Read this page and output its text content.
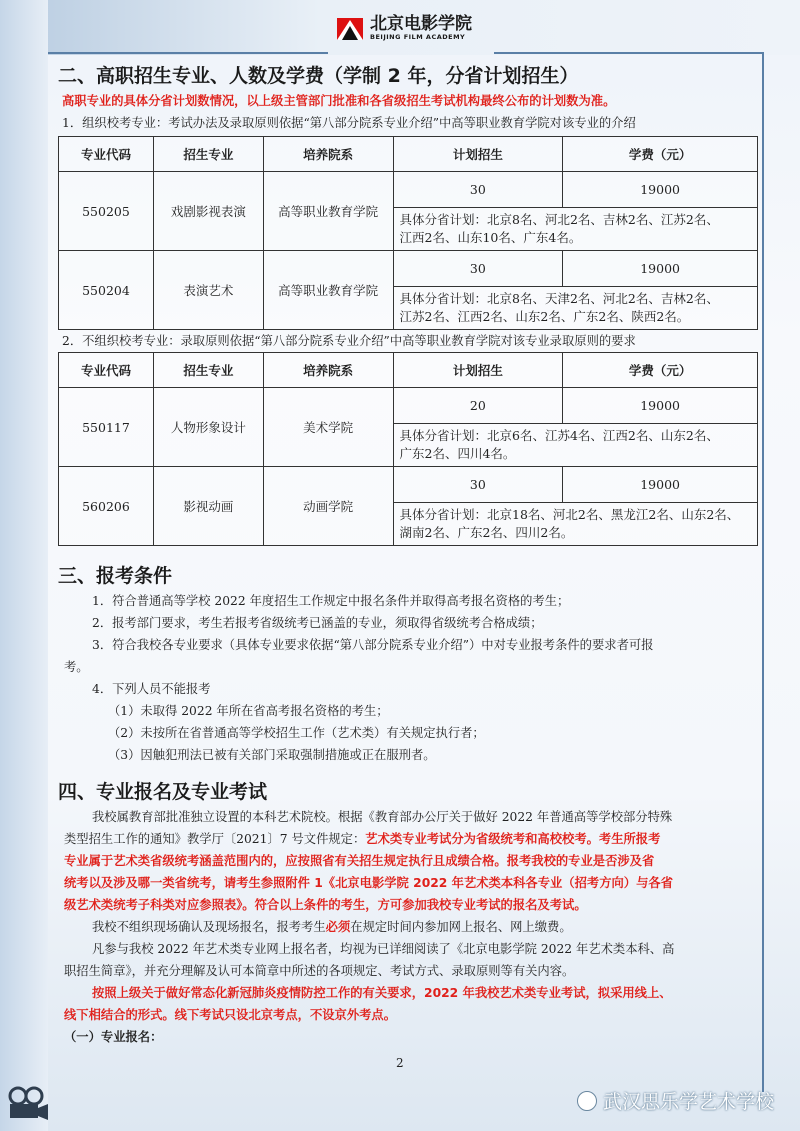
北京电影学院
BEIJING FILM ACADEMY
二、高职招生专业、人数及学费（学制 2 年，分省计划招生）
高职专业的具体分省计划数情况，以上级主管部门批准和各省级招生考试机构最终公布的计划数为准。
1．组织校考专业：考试办法及录取原则依据“第八部分院系专业介绍”中高等职业教育学院对该专业的介绍
专业代码	招生专业	培养院系	计划招生	学费（元）
550205	戏剧影视表演	高等职业教育学院	30	19000

			具体分省计划：北京8名、河北2名、吉林2名、江苏2名、
江西2名、山东10名、广东4名。	

550204	表演艺术	高等职业教育学院	30	19000

			具体分省计划：北京8名、天津2名、河北2名、吉林2名、
江苏2名、江西2名、山东2名、广东2名、陕西2名。	
2．不组织校考专业：录取原则依据“第八部分院系专业介绍”中高等职业教育学院对该专业录取原则的要求
专业代码	招生专业	培养院系	计划招生	学费（元）
550117	人物形象设计	美术学院	20	19000

			具体分省计划：北京6名、江苏4名、江西2名、山东2名、
广东2名、四川4名。	

560206	影视动画	动画学院	30	19000

			具体分省计划：北京18名、河北2名、黑龙江2名、山东2名、
湖南2名、广东2名、四川2名。	
三、报考条件
1．符合普通高等学校 2022 年度招生工作规定中报名条件并取得高考报名资格的考生；
2．报考部门要求，考生若报考省级统考已涵盖的专业，须取得省级统考合格成绩；
3．符合我校各专业要求（具体专业要求依据“第八部分院系专业介绍”）中对专业报考条件的要求者可报
考。
4．下列人员不能报考
（1）未取得 2022 年所在省高考报名资格的考生；
（2）未按所在省普通高等学校招生工作（艺术类）有关规定执行者；
（3）因触犯刑法已被有关部门采取强制措施或正在服刑者。
四、专业报名及专业考试
我校属教育部批准独立设置的本科艺术院校。根据《教育部办公厅关于做好 2022 年普通高等学校部分特殊
类型招生工作的通知》教学厅〔2021〕7 号文件规定：艺术类专业考试分为省级统考和高校校考。考生所报考
专业属于艺术类省级统考涵盖范围内的，应按照省有关招生规定执行且成绩合格。报考我校的专业是否涉及省
统考以及涉及哪一类省统考，请考生参照附件 1《北京电影学院 2022 年艺术类本科各专业（招考方向）与各省
级艺术类统考子科类对应参照表》。符合以上条件的考生，方可参加我校专业考试的报名及考试。
我校不组织现场确认及现场报名，报考考生必须在规定时间内参加网上报名、网上缴费。
凡参与我校 2022 年艺术类专业网上报名者，均视为已详细阅读了《北京电影学院 2022 年艺术类本科、高
职招生简章》，并充分理解及认可本简章中所述的各项规定、考试方式、录取原则等有关内容。
按照上级关于做好常态化新冠肺炎疫情防控工作的有关要求，2022 年我校艺术类专业考试，拟采用线上、
线下相结合的形式。线下考试只设北京考点，不设京外考点。
（一）专业报名：
2
武汉思乐学艺术学校
